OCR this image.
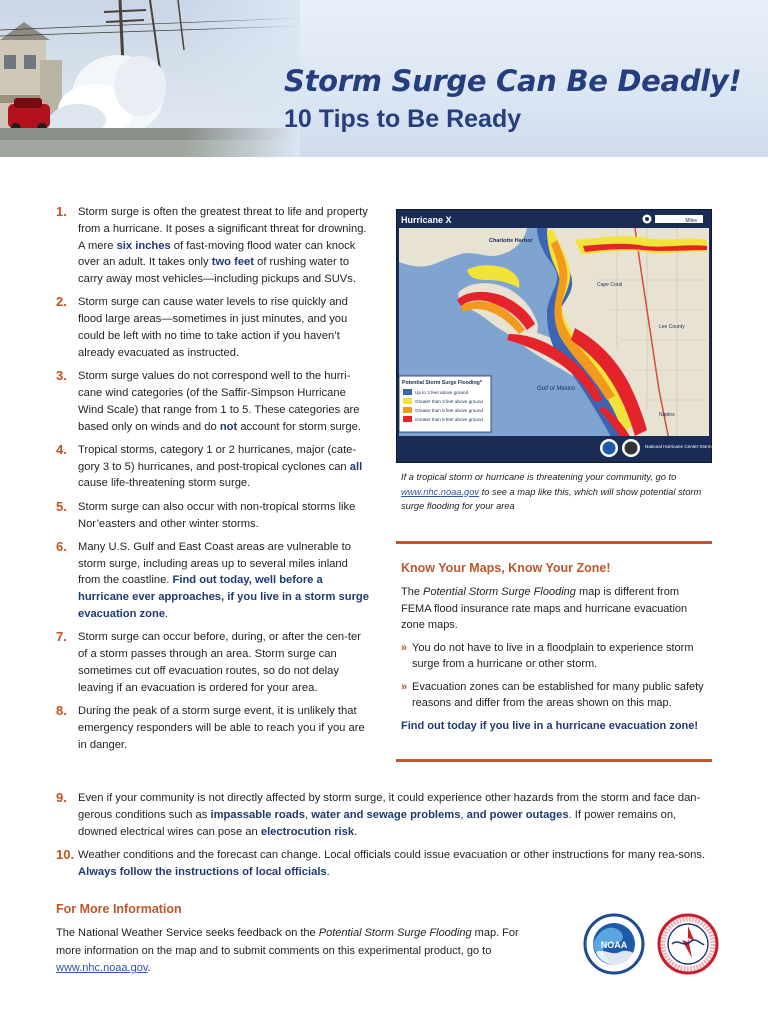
Storm Surge Can Be Deadly!
10 Tips to Be Ready
1. Storm surge is often the greatest threat to life and property from a hurricane. It poses a significant threat for drowning. A mere six inches of fast-moving flood water can knock over an adult. It takes only two feet of rushing water to carry away most vehicles—including pickups and SUVs.
2. Storm surge can cause water levels to rise quickly and flood large areas—sometimes in just minutes, and you could be left with no time to take action if you haven’t already evacuated as instructed.
3. Storm surge values do not correspond well to the hurri-cane wind categories (of the Saffir-Simpson Hurricane Wind Scale) that range from 1 to 5. These categories are based only on winds and do not account for storm surge.
4. Tropical storms, category 1 or 2 hurricanes, major (cate-gory 3 to 5) hurricanes, and post-tropical cyclones can all cause life-threatening storm surge.
5. Storm surge can also occur with non-tropical storms like Nor’easters and other winter storms.
6. Many U.S. Gulf and East Coast areas are vulnerable to storm surge, including areas up to several miles inland from the coastline. Find out today, well before a hurricane ever approaches, if you live in a storm surge evacuation zone.
7. Storm surge can occur before, during, or after the cen-ter of a storm passes through an area. Storm surge can sometimes cut off evacuation routes, so do not delay leaving if an evacuation is ordered for your area.
8. During the peak of a storm surge event, it is unlikely that emergency responders will be able to reach you if you are in danger.
Hurricane X	Miles
Charlotte Harbor
Cape Coral
Lee County
Gulf of Mexico
Naples
Potential Storm Surge Flooding*
Up to 3 feet above ground
Greater than 3 feet above ground
Greater than 6 feet above ground
Greater than 9 feet above ground
National Hurricane Center Storm Surge Unit

If a tropical storm or hurricane is threatening your community, go to www.nhc.noaa.gov to see a map like this, which will show potential storm surge flooding for your area

Know Your Maps, Know Your Zone!

The Potential Storm Surge Flooding map is different from FEMA flood insurance rate maps and hurricane evacuation zone maps.

» You do not have to live in a floodplain to experience storm surge from a hurricane or other storm.
» Evacuation zones can be established for many public safety reasons and differ from the areas shown on this map.

Find out today if you live in a hurricane evacuation zone!

9. Even if your community is not directly affected by storm surge, it could experience other hazards from the storm and face dan-gerous conditions such as impassable roads, water and sewage problems, and power outages. If power remains on, downed electrical wires can pose an electrocution risk.
10. Weather conditions and the forecast can change. Local officials could issue evacuation or other instructions for many rea-sons. Always follow the instructions of local officials.
For More Information

The National Weather Service seeks feedback on the Potential Storm Surge Flooding map. For more information on the map and to submit comments on this experimental product, go to www.nhc.noaa.gov.

NOAA
